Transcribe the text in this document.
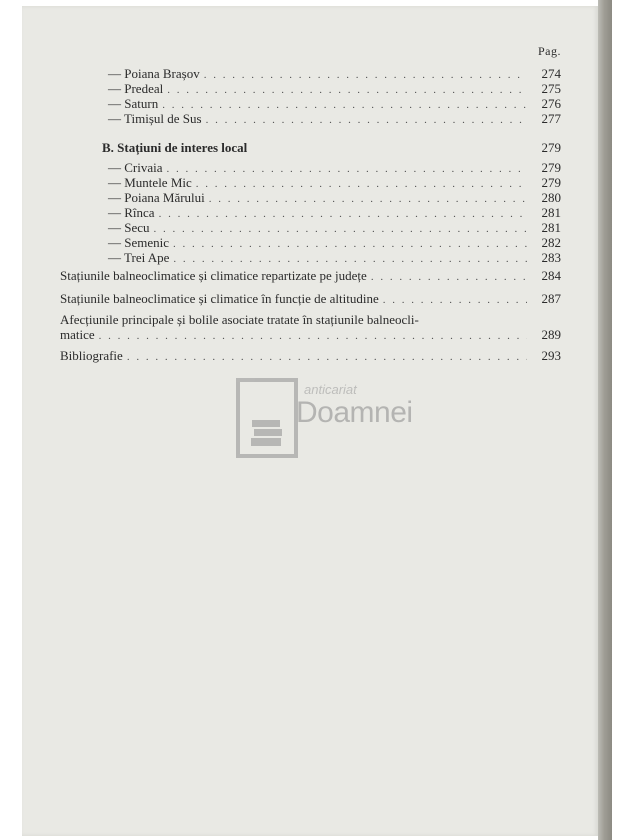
Pag.
— Poiana Brașov . . .	274
— Predeal . . .	275
— Saturn . . .	276
— Timișul de Sus . . .	277
B. Stațiuni de interes local	279
— Crivaia . . .	279
— Muntele Mic . . .	279
— Poiana Mărului . . .	280
— Rînca . . .	281
— Secu . . .	281
— Semenic . . .	282
— Trei Ape . . .	283
Stațiunile balneoclimatice și climatice repartizate pe județe . . .	284
Stațiunile balneoclimatice și climatice în funcție de altitudine . . .	287
Afecțiunile principale și bolile asociate tratate în stațiunile balneocli-
matice . . .	289
Bibliografie . . .	293
anticariat
Doamnei
